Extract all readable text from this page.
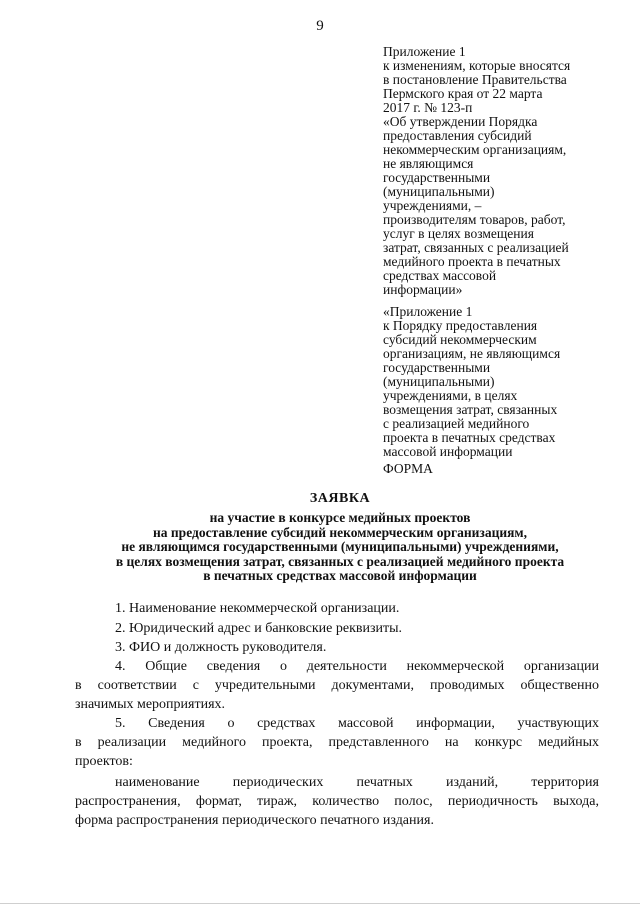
9
Приложение 1
к изменениям, которые вносятся
в постановление Правительства
Пермского края от 22 марта
2017 г. № 123-п
«Об утверждении Порядка
предоставления субсидий
некоммерческим организациям,
не являющимся
государственными
(муниципальными)
учреждениями, –
производителям товаров, работ,
услуг в целях возмещения
затрат, связанных с реализацией
медийного проекта в печатных
средствах массовой
информации»
«Приложение 1
к Порядку предоставления
субсидий некоммерческим
организациям, не являющимся
государственными
(муниципальными)
учреждениями, в целях
возмещения затрат, связанных
с реализацией медийного
проекта в печатных средствах
массовой информации
ФОРМА
ЗАЯВКА
на участие в конкурсе медийных проектов
на предоставление субсидий некоммерческим организациям,
не являющимся государственными (муниципальными) учреждениями,
в целях возмещения затрат, связанных с реализацией медийного проекта
в печатных средствах массовой информации
1. Наименование некоммерческой организации.
2. Юридический адрес и банковские реквизиты.
3. ФИО и должность руководителя.
4. Общие сведения о деятельности некоммерческой организации
в соответствии с учредительными документами, проводимых общественно
значимых мероприятиях.
5. Сведения о средствах массовой информации, участвующих
в реализации медийного проекта, представленного на конкурс медийных
проектов:
наименование периодических печатных изданий, территория
распространения, формат, тираж, количество полос, периодичность выхода,
форма распространения периодического печатного издания.
